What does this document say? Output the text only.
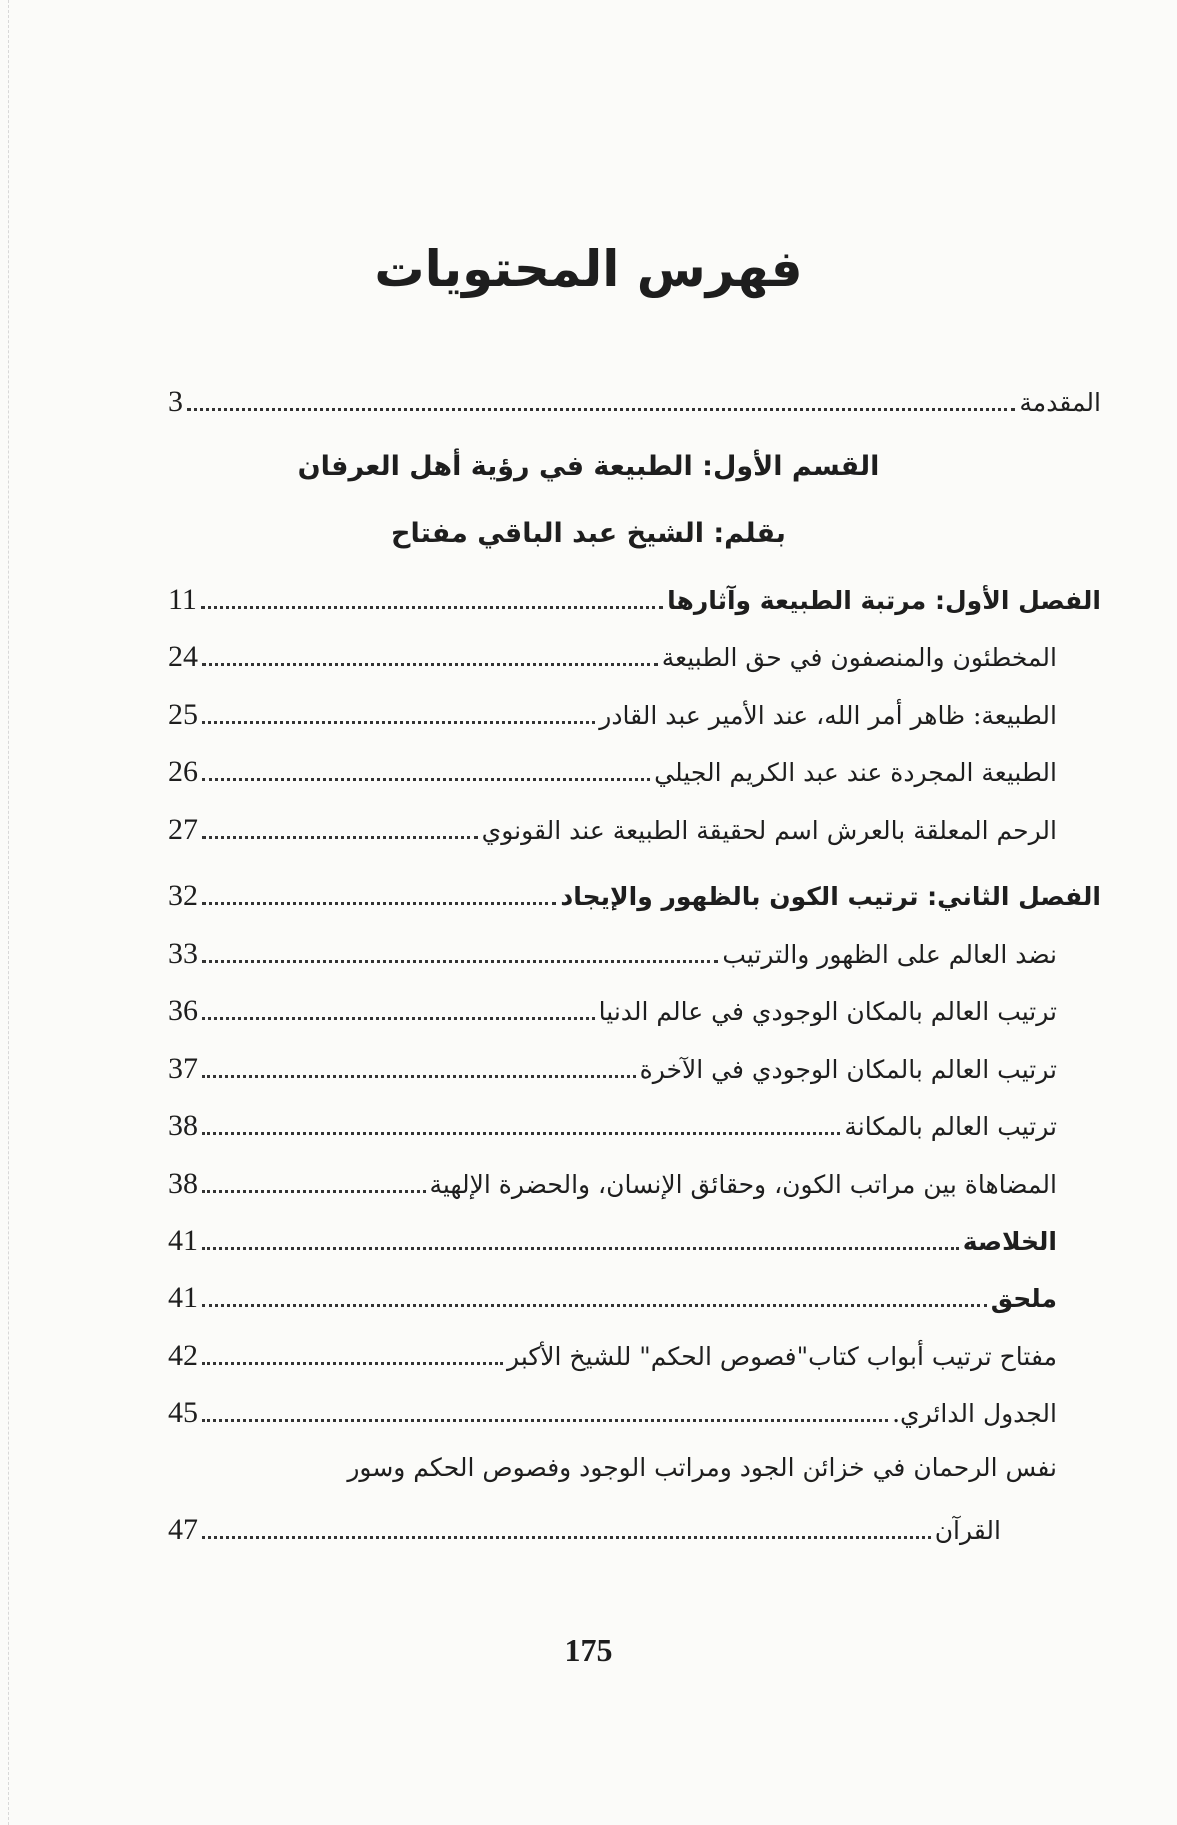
فهرس المحتويات
المقدمة
3
القسم الأول: الطبيعة في رؤية أهل العرفان
بقلم: الشيخ عبد الباقي مفتاح
الفصل الأول: مرتبة الطبيعة وآثارها
11
المخطئون والمنصفون في حق الطبيعة
24
الطبيعة: ظاهر أمر الله، عند الأمير عبد القادر
25
الطبيعة المجردة عند عبد الكريم الجيلي
26
الرحم المعلقة بالعرش اسم لحقيقة الطبيعة عند القونوي
27
الفصل الثاني: ترتيب الكون بالظهور والإيجاد
32
نضد العالم على الظهور والترتيب
33
ترتيب العالم بالمكان الوجودي في عالم الدنيا
36
ترتيب العالم بالمكان الوجودي في الآخرة
37
ترتيب العالم بالمكانة
38
المضاهاة بين مراتب الكون، وحقائق الإنسان، والحضرة الإلهية
38
الخلاصة
41
ملحق
41
مفتاح ترتيب أبواب كتاب"فصوص الحكم" للشيخ الأكبر
42
الجدول الدائري.
45
نفس الرحمان في خزائن الجود ومراتب الوجود وفصوص الحكم وسور
القرآن
47
175
